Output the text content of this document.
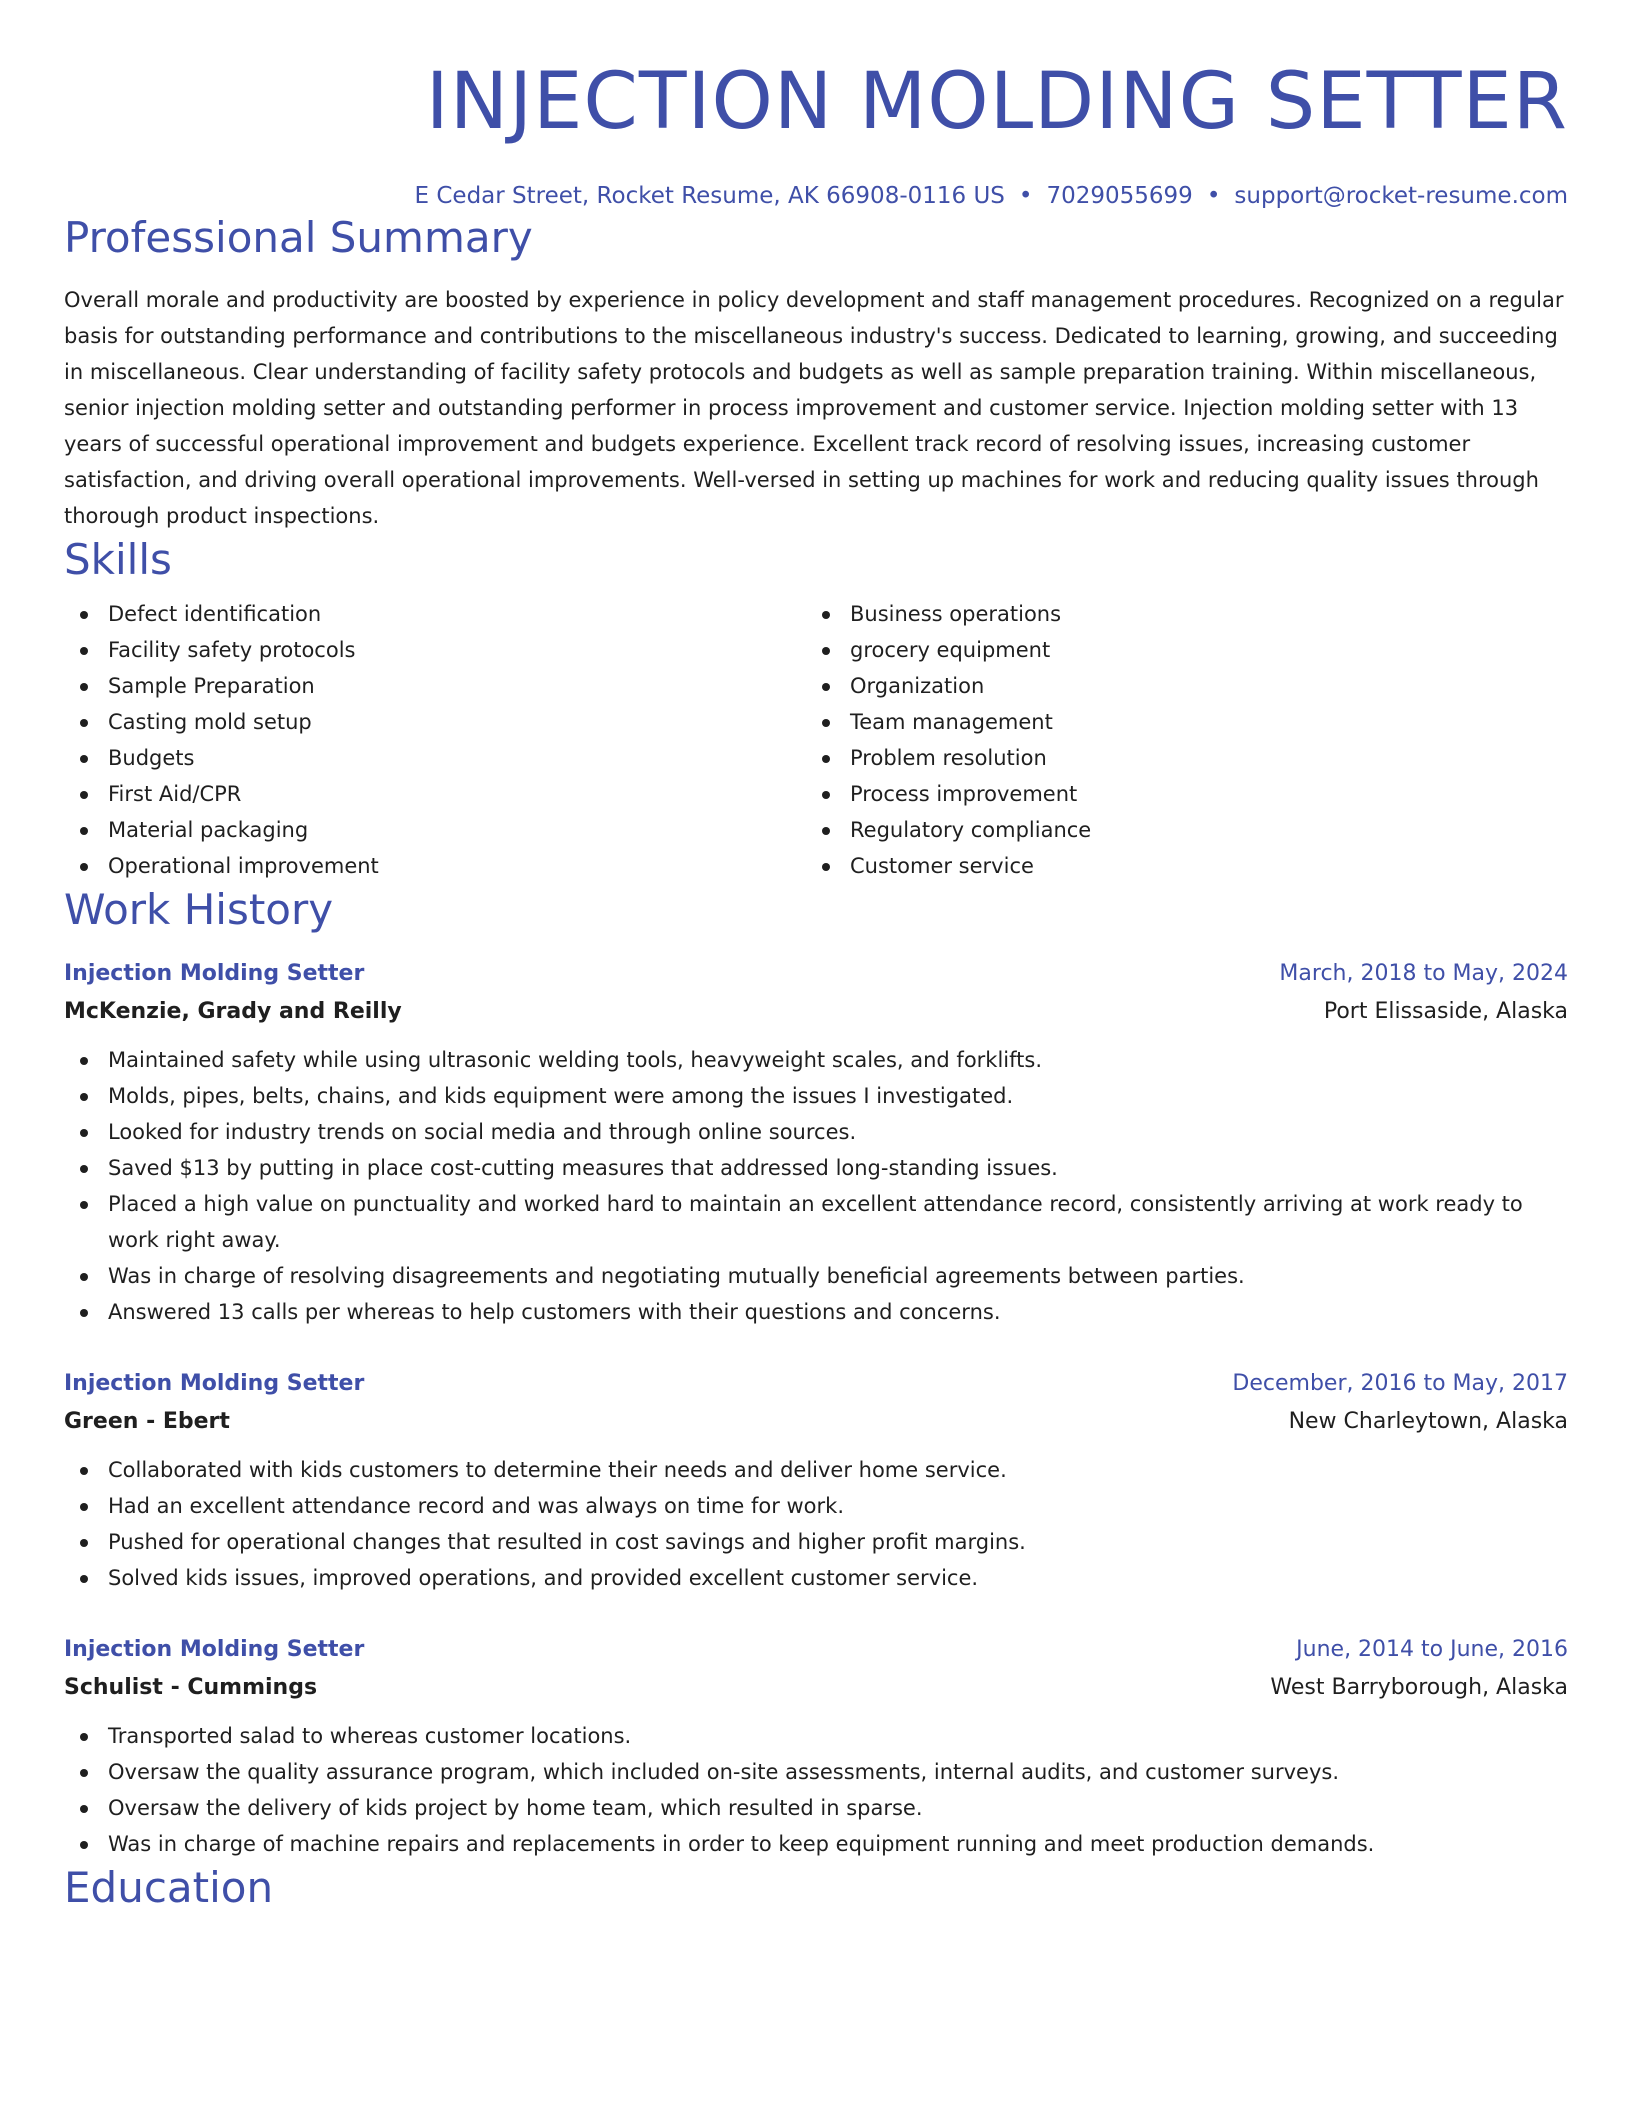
INJECTION MOLDING SETTER
E Cedar Street, Rocket Resume, AK 66908-0116 US • 7029055699 • support@rocket-resume.com
Professional Summary

Overall morale and productivity are boosted by experience in policy development and staff management procedures. Recognized on a regular basis for outstanding performance and contributions to the miscellaneous industry's success. Dedicated to learning, growing, and succeeding in miscellaneous. Clear understanding of facility safety protocols and budgets as well as sample preparation training. Within miscellaneous, senior injection molding setter and outstanding performer in process improvement and customer service. Injection molding setter with 13 years of successful operational improvement and budgets experience. Excellent track record of resolving issues, increasing customer satisfaction, and driving overall operational improvements. Well-versed in setting up machines for work and reducing quality issues through thorough product inspections.

Skills
Defect identification
Facility safety protocols
Sample Preparation
Casting mold setup
Budgets
First Aid/CPR
Material packaging
Operational improvement
Business operations
grocery equipment
Organization
Team management
Problem resolution
Process improvement
Regulatory compliance
Customer service
Work History
Injection Molding Setter	March, 2018 to May, 2024
McKenzie, Grady and Reilly	Port Elissaside, Alaska
Maintained safety while using ultrasonic welding tools, heavyweight scales, and forklifts.
Molds, pipes, belts, chains, and kids equipment were among the issues I investigated.
Looked for industry trends on social media and through online sources.
Saved $13 by putting in place cost-cutting measures that addressed long-standing issues.
Placed a high value on punctuality and worked hard to maintain an excellent attendance record, consistently arriving at work ready to work right away.
Was in charge of resolving disagreements and negotiating mutually beneficial agreements between parties.
Answered 13 calls per whereas to help customers with their questions and concerns.
Injection Molding Setter	December, 2016 to May, 2017
Green - Ebert	New Charleytown, Alaska
Collaborated with kids customers to determine their needs and deliver home service.
Had an excellent attendance record and was always on time for work.
Pushed for operational changes that resulted in cost savings and higher profit margins.
Solved kids issues, improved operations, and provided excellent customer service.
Injection Molding Setter	June, 2014 to June, 2016
Schulist - Cummings	West Barryborough, Alaska
Transported salad to whereas customer locations.
Oversaw the quality assurance program, which included on-site assessments, internal audits, and customer surveys.
Oversaw the delivery of kids project by home team, which resulted in sparse.
Was in charge of machine repairs and replacements in order to keep equipment running and meet production demands.
Education
